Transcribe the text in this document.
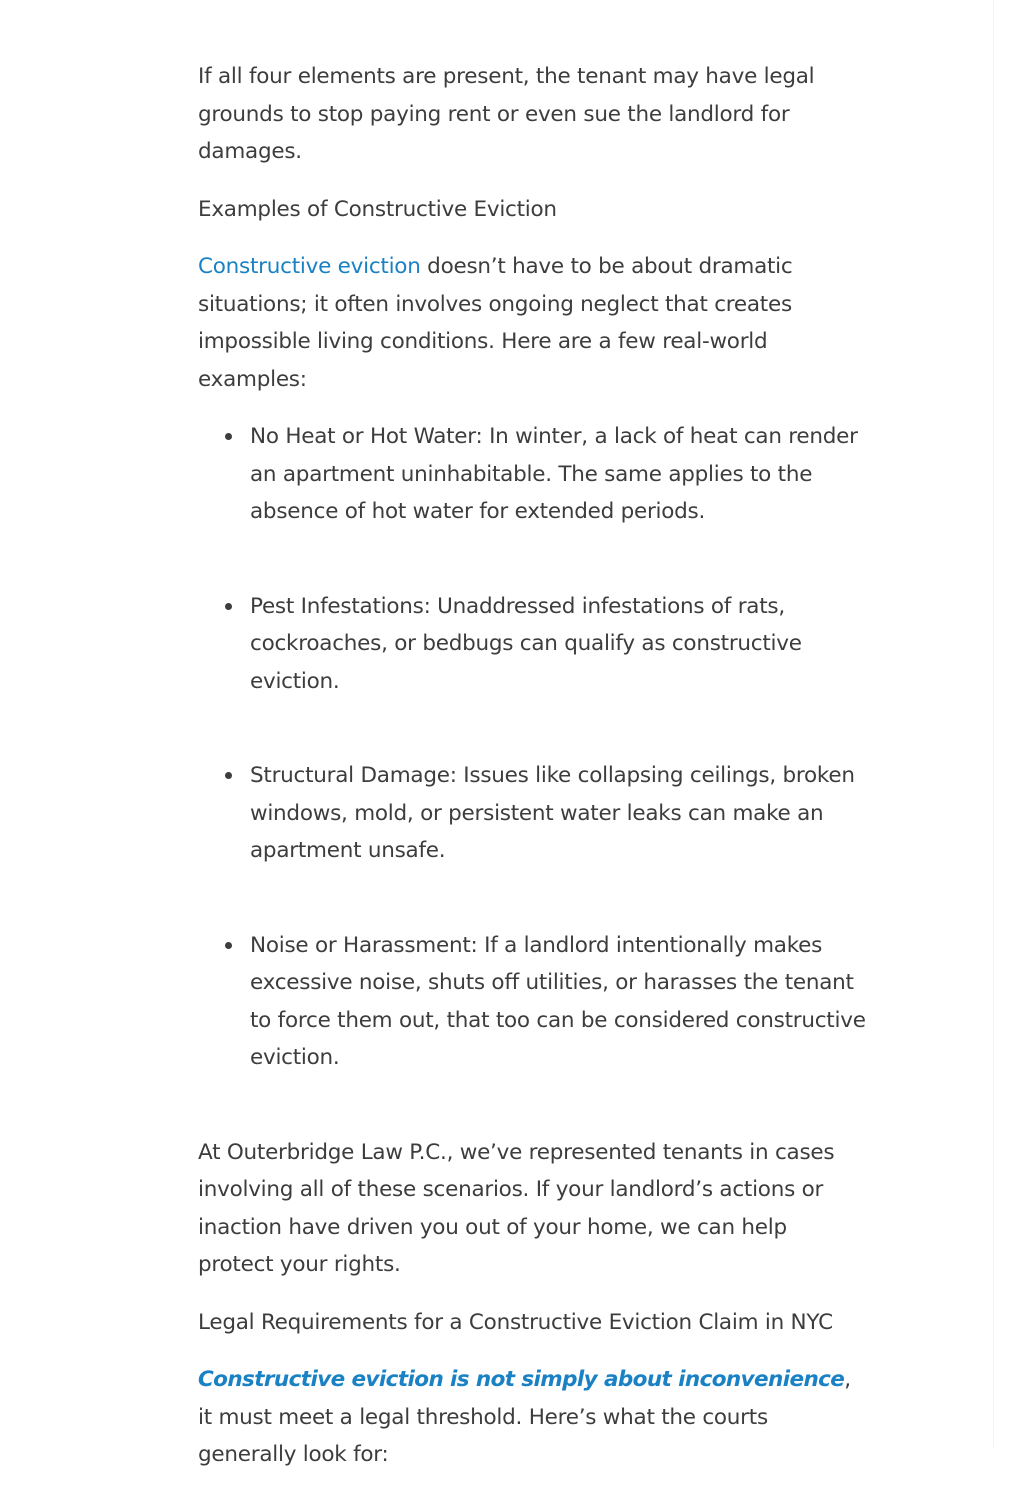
If all four elements are present, the tenant may have legal grounds to stop paying rent or even sue the landlord for damages.

Examples of Constructive Eviction

Constructive eviction doesn’t have to be about dramatic situations; it often involves ongoing neglect that creates impossible living conditions. Here are a few real-world examples:

No Heat or Hot Water: In winter, a lack of heat can render an apartment uninhabitable. The same applies to the absence of hot water for extended periods.
Pest Infestations: Unaddressed infestations of rats, cockroaches, or bedbugs can qualify as constructive eviction.
Structural Damage: Issues like collapsing ceilings, broken windows, mold, or persistent water leaks can make an apartment unsafe.
Noise or Harassment: If a landlord intentionally makes excessive noise, shuts off utilities, or harasses the tenant to force them out, that too can be considered constructive eviction.

At Outerbridge Law P.C., we’ve represented tenants in cases involving all of these scenarios. If your landlord’s actions or inaction have driven you out of your home, we can help protect your rights.

Legal Requirements for a Constructive Eviction Claim in NYC

Constructive eviction is not simply about inconvenience, it must meet a legal threshold. Here’s what the courts generally look for:
